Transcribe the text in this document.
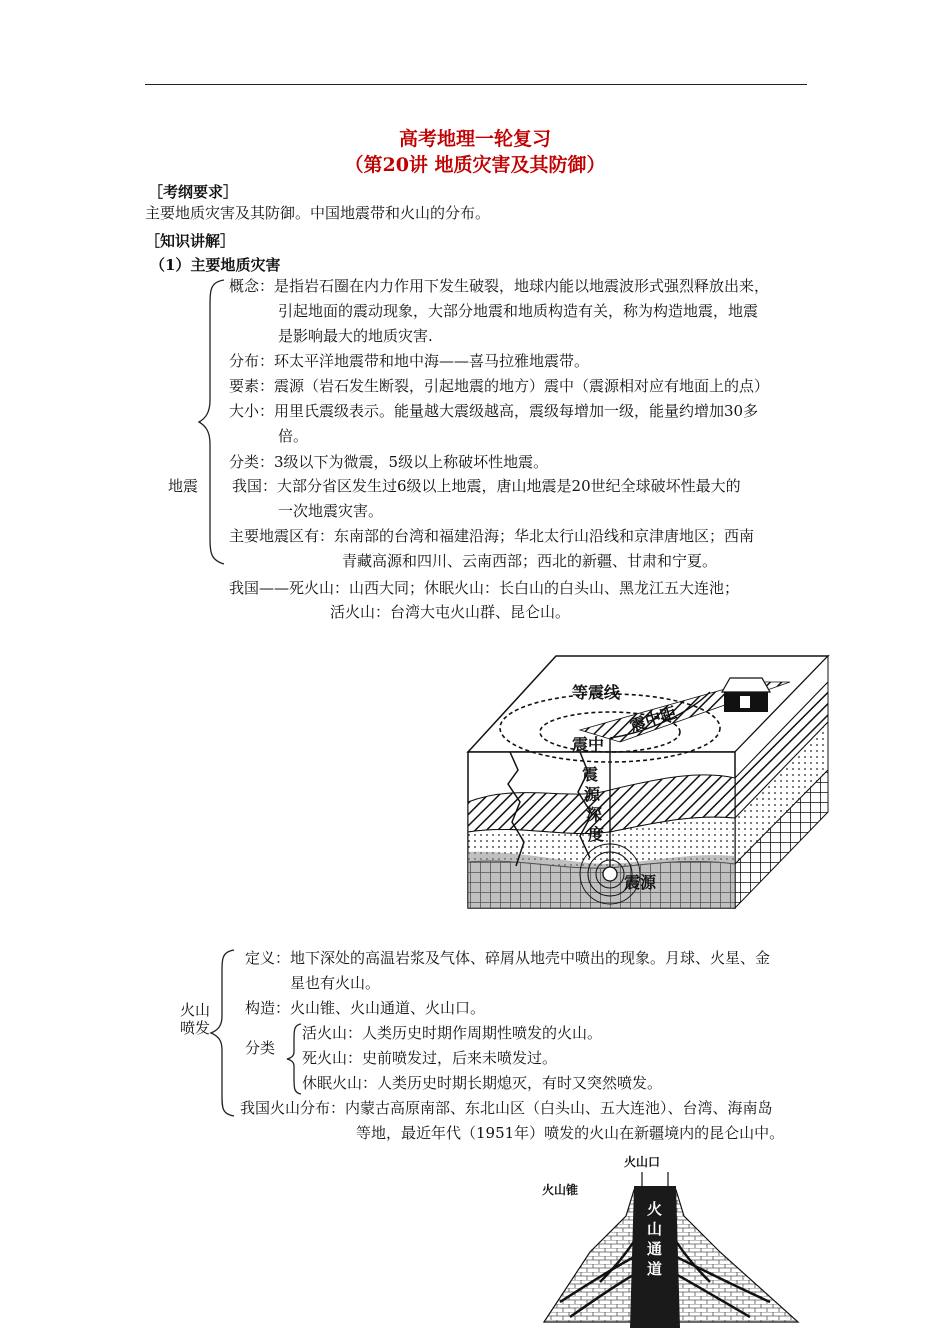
高考地理一轮复习
（第20讲 地质灾害及其防御）
［考纲要求］
主要地质灾害及其防御。中国地震带和火山的分布。
［知识讲解］
（1）主要地质灾害
地震
概念：是指岩石圈在内力作用下发生破裂，地球内能以地震波形式强烈释放出来，
引起地面的震动现象，大部分地震和地质构造有关，称为构造地震，地震
是影响最大的地质灾害.
分布：环太平洋地震带和地中海——喜马拉雅地震带。
要素：震源（岩石发生断裂，引起地震的地方）震中（震源相对应有地面上的点）
大小：用里氏震级表示。能量越大震级越高，震级每增加一级，能量约增加30多
倍。
分类：3级以下为微震，5级以上称破坏性地震。
我国：大部分省区发生过6级以上地震，唐山地震是20世纪全球破坏性最大的
一次地震灾害。
主要地震区有：东南部的台湾和福建沿海；华北太行山沿线和京津唐地区；西南
青藏高源和四川、云南西部；西北的新疆、甘肃和宁夏。
我国——死火山：山西大同；休眠火山：长白山的白头山、黑龙江五大连池；
活火山：台湾大屯火山群、昆仑山。
等震线
震中
震中距
震
源
深
度
震源
火山
喷发
定义：地下深处的高温岩浆及气体、碎屑从地壳中喷出的现象。月球、火星、金
星也有火山。
构造：火山锥、火山通道、火山口。
分类
活火山：人类历史时期作周期性喷发的火山。
死火山：史前喷发过，后来未喷发过。
休眠火山：人类历史时期长期熄灭，有时又突然喷发。
我国火山分布：内蒙古高原南部、东北山区（白头山、五大连池）、台湾、海南岛
等地，最近年代（1951年）喷发的火山在新疆境内的昆仑山中。
火山口
火山锥
火
山
通
道
